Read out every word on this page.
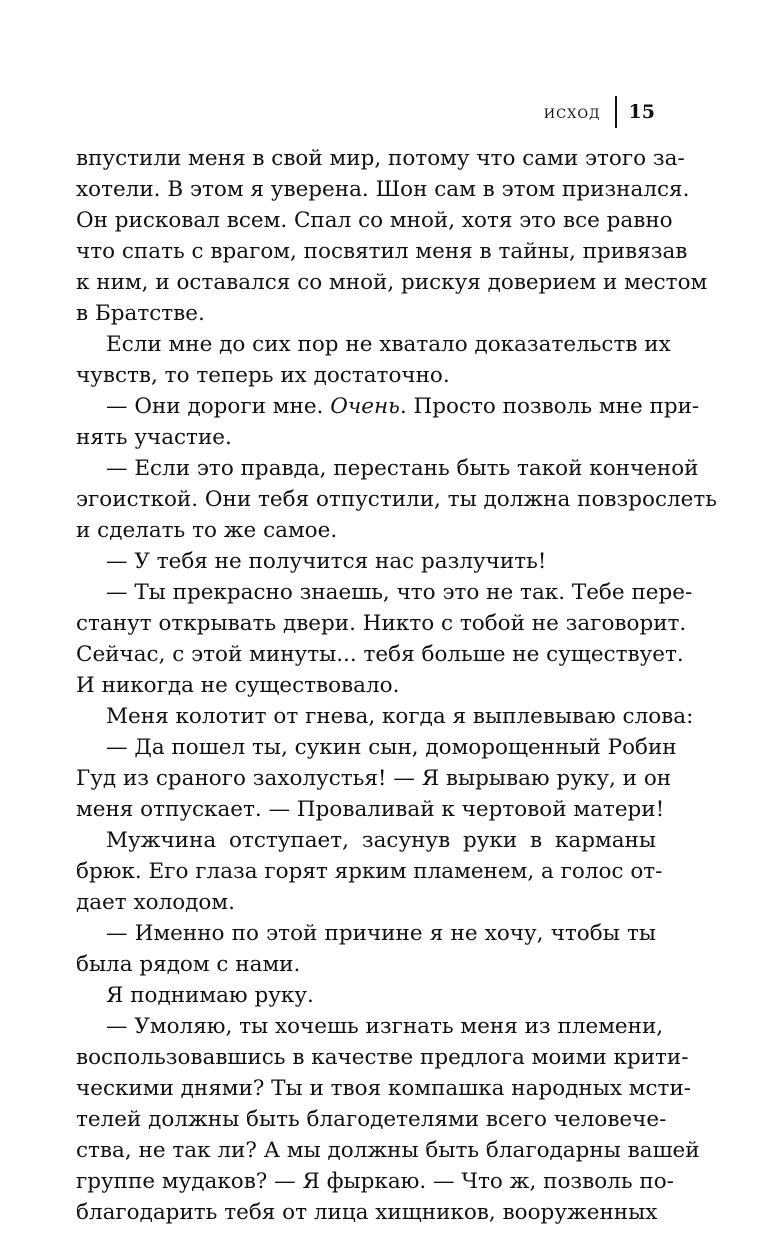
исход 15
впустили меня в свой мир, потому что сами этого за-
хотели. В этом я уверена. Шон сам в этом признался.
Он рисковал всем. Спал со мной, хотя это все равно
что спать с врагом, посвятил меня в тайны, привязав
к ним, и оставался со мной, рискуя доверием и местом
в Братстве.
Если мне до сих пор не хватало доказательств их
чувств, то теперь их достаточно.
— Они дороги мне. Очень. Просто позволь мне при-
нять участие.
— Если это правда, перестань быть такой конченой
эгоисткой. Они тебя отпустили, ты должна повзрослеть
и сделать то же самое.
— У тебя не получится нас разлучить!
— Ты прекрасно знаешь, что это не так. Тебе пере-
станут открывать двери. Никто с тобой не заговорит.
Сейчас, с этой минуты... тебя больше не существует.
И никогда не существовало.
Меня колотит от гнева, когда я выплевываю слова:
— Да пошел ты, сукин сын, доморощенный Робин
Гуд из сраного захолустья! — Я вырываю руку, и он
меня отпускает. — Проваливай к чертовой матери!
Мужчина отступает, засунув руки в карманы
брюк. Его глаза горят ярким пламенем, а голос от-
дает холодом.
— Именно по этой причине я не хочу, чтобы ты
была рядом с нами.
Я поднимаю руку.
— Умоляю, ты хочешь изгнать меня из племени,
воспользовавшись в качестве предлога моими крити-
ческими днями? Ты и твоя компашка народных мсти-
телей должны быть благодетелями всего человече-
ства, не так ли? А мы должны быть благодарны вашей
группе мудаков? — Я фыркаю. — Что ж, позволь по-
благодарить тебя от лица хищников, вооруженных
